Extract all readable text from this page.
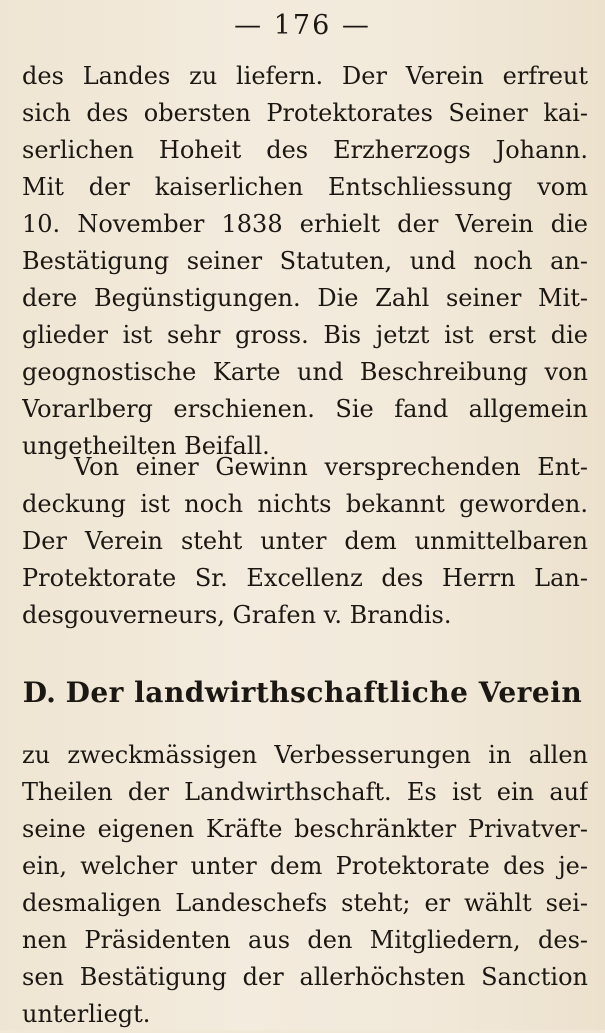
— 176 —

des Landes zu liefern. Der Verein erfreut
sich des obersten Protektorates Seiner kai-
serlichen Hoheit des Erzherzogs Johann.
Mit der kaiserlichen Entschliessung vom
10. November 1838 erhielt der Verein die
Bestätigung seiner Statuten, und noch an-
dere Begünstigungen. Die Zahl seiner Mit-
glieder ist sehr gross. Bis jetzt ist erst die
geognostische Karte und Beschreibung von
Vorarlberg erschienen. Sie fand allgemein
ungetheilten Beifall.
Von einer Gewinn versprechenden Ent-
deckung ist noch nichts bekannt geworden.
Der Verein steht unter dem unmittelbaren
Protektorate Sr. Excellenz des Herrn Lan-
desgouverneurs, Grafen v. Brandis.
D. Der landwirthschaftliche Verein
zu zweckmässigen Verbesserungen in allen
Theilen der Landwirthschaft. Es ist ein auf
seine eigenen Kräfte beschränkter Privatver-
ein, welcher unter dem Protektorate des je-
desmaligen Landeschefs steht; er wählt sei-
nen Präsidenten aus den Mitgliedern, des-
sen Bestätigung der allerhöchsten Sanction
unterliegt.
